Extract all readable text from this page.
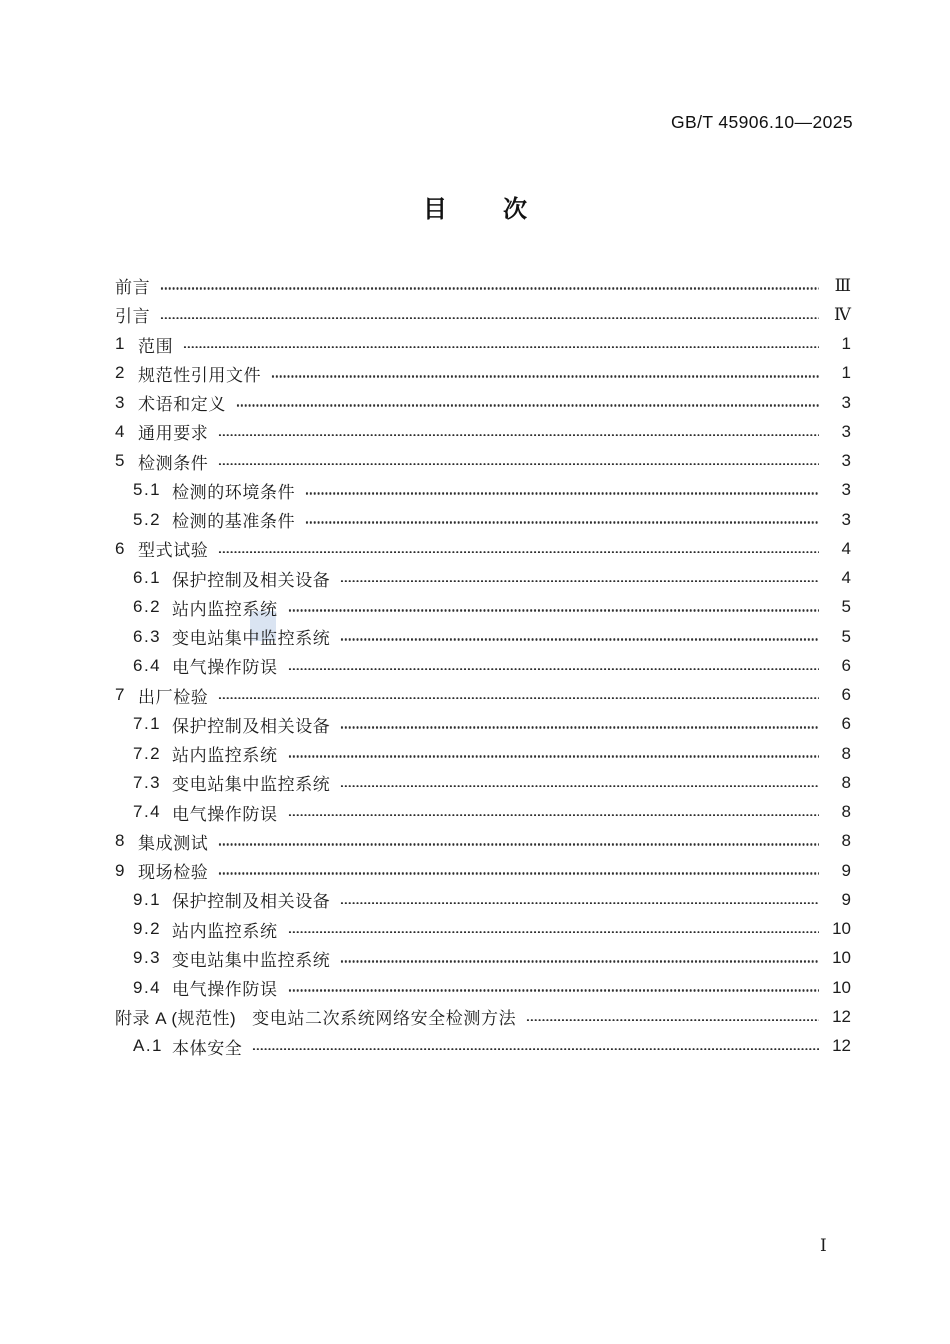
GB/T 45906.10—2025
目 次
前言	Ⅲ
引言	Ⅳ
1 范围	1
2 规范性引用文件	1
3 术语和定义	3
4 通用要求	3
5 检测条件	3
5.1 检测的环境条件	3
5.2 检测的基准条件	3
6 型式试验	4
6.1 保护控制及相关设备	4
6.2 站内监控系统	5
6.3 变电站集中监控系统	5
6.4 电气操作防误	6
7 出厂检验	6
7.1 保护控制及相关设备	6
7.2 站内监控系统	8
7.3 变电站集中监控系统	8
7.4 电气操作防误	8
8 集成测试	8
9 现场检验	9
9.1 保护控制及相关设备	9
9.2 站内监控系统	10
9.3 变电站集中监控系统	10
9.4 电气操作防误	10
附录 A (规范性) 变电站二次系统网络安全检测方法	12
A.1 本体安全	12
Ⅰ
